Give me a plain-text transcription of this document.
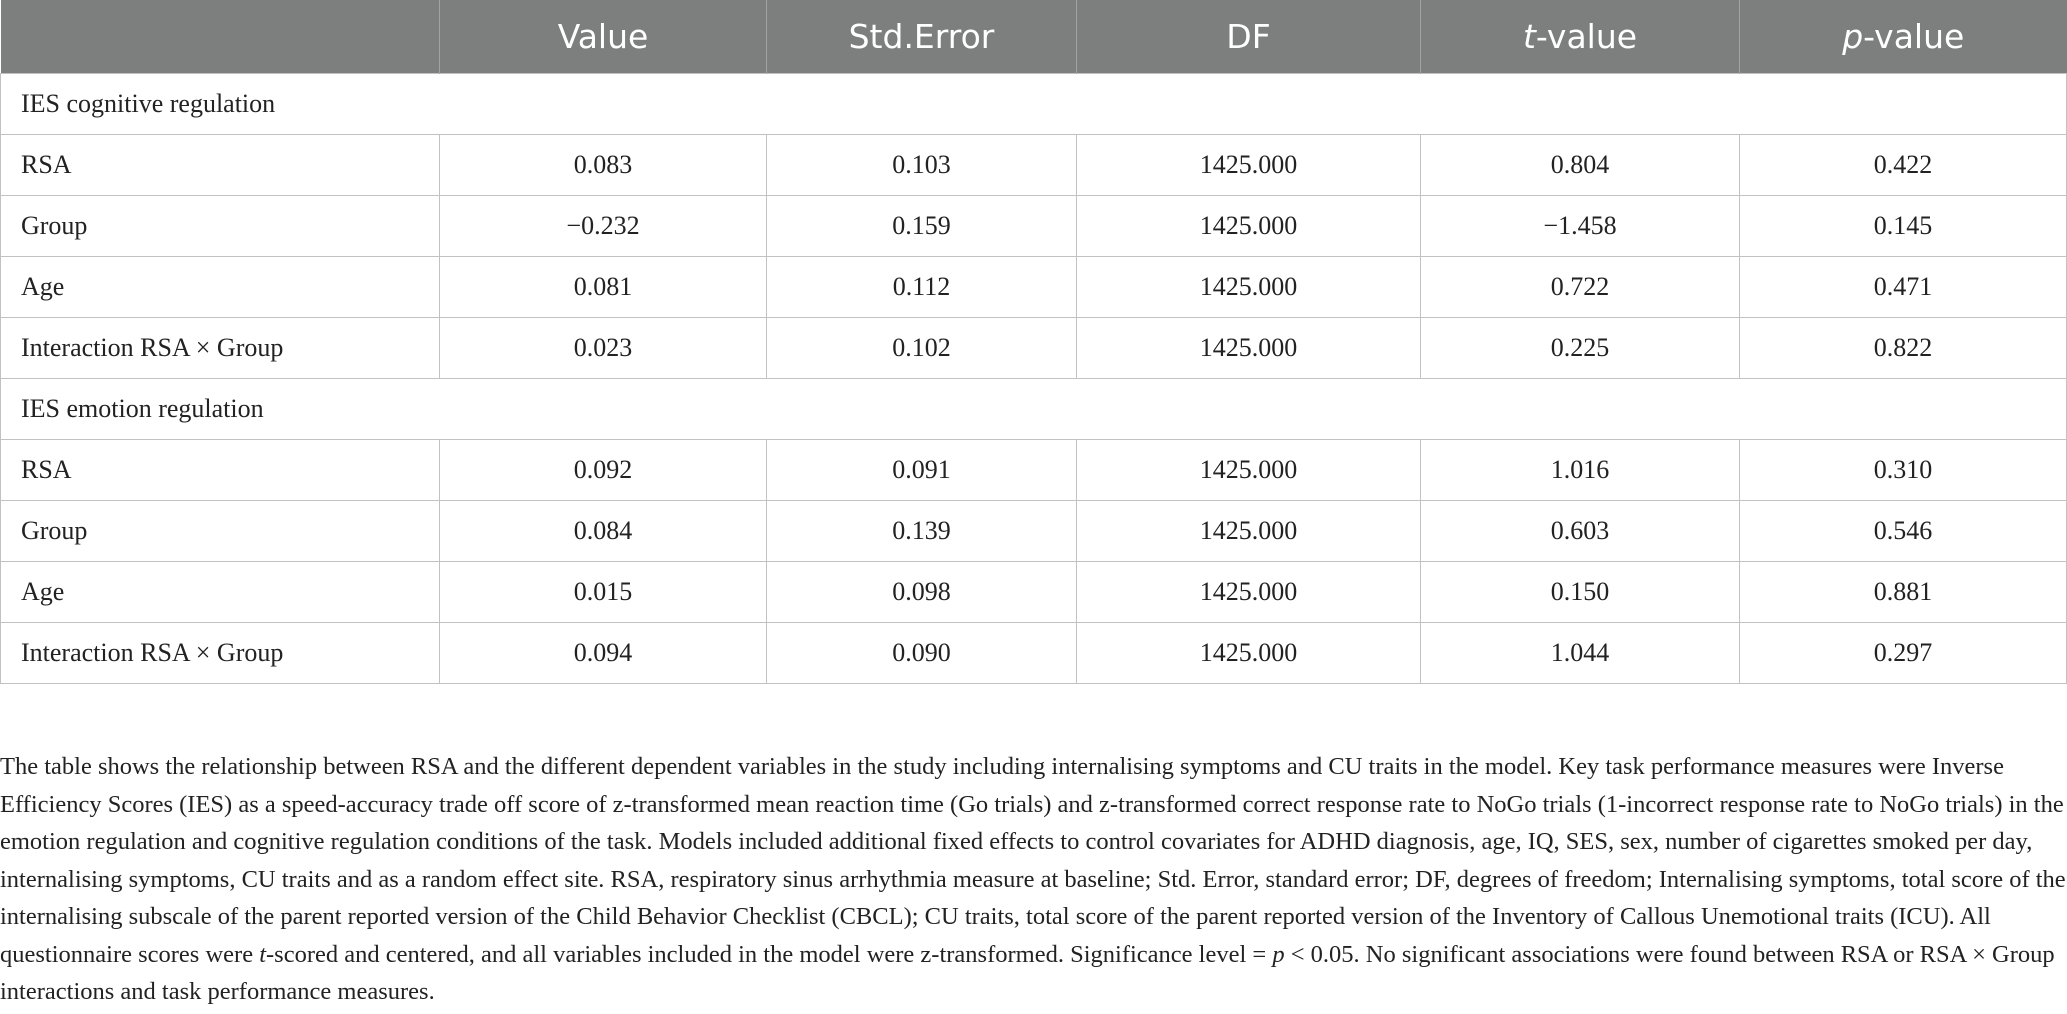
	Value	Std.Error	DF	t-value	p-value
IES cognitive regulation					
RSA	0.083	0.103	1425.000	0.804	0.422
Group	−0.232	0.159	1425.000	−1.458	0.145
Age	0.081	0.112	1425.000	0.722	0.471
Interaction RSA × Group	0.023	0.102	1425.000	0.225	0.822
IES emotion regulation					
RSA	0.092	0.091	1425.000	1.016	0.310
Group	0.084	0.139	1425.000	0.603	0.546
Age	0.015	0.098	1425.000	0.150	0.881
Interaction RSA × Group	0.094	0.090	1425.000	1.044	0.297

The table shows the relationship between RSA and the different dependent variables in the study including internalising symptoms and CU traits in the model. Key task performance measures were Inverse Efficiency Scores (IES) as a speed-accuracy trade off score of z-transformed mean reaction time (Go trials) and z-transformed correct response rate to NoGo trials (1-incorrect response rate to NoGo trials) in the emotion regulation and cognitive regulation conditions of the task. Models included additional fixed effects to control covariates for ADHD diagnosis, age, IQ, SES, sex, number of cigarettes smoked per day, internalising symptoms, CU traits and as a random effect site. RSA, respiratory sinus arrhythmia measure at baseline; Std. Error, standard error; DF, degrees of freedom; Internalising symptoms, total score of the internalising subscale of the parent reported version of the Child Behavior Checklist (CBCL); CU traits, total score of the parent reported version of the Inventory of Callous Unemotional traits (ICU). All questionnaire scores were t-scored and centered, and all variables included in the model were z-transformed. Significance level = p < 0.05. No significant associations were found between RSA or RSA × Group interactions and task performance measures.
